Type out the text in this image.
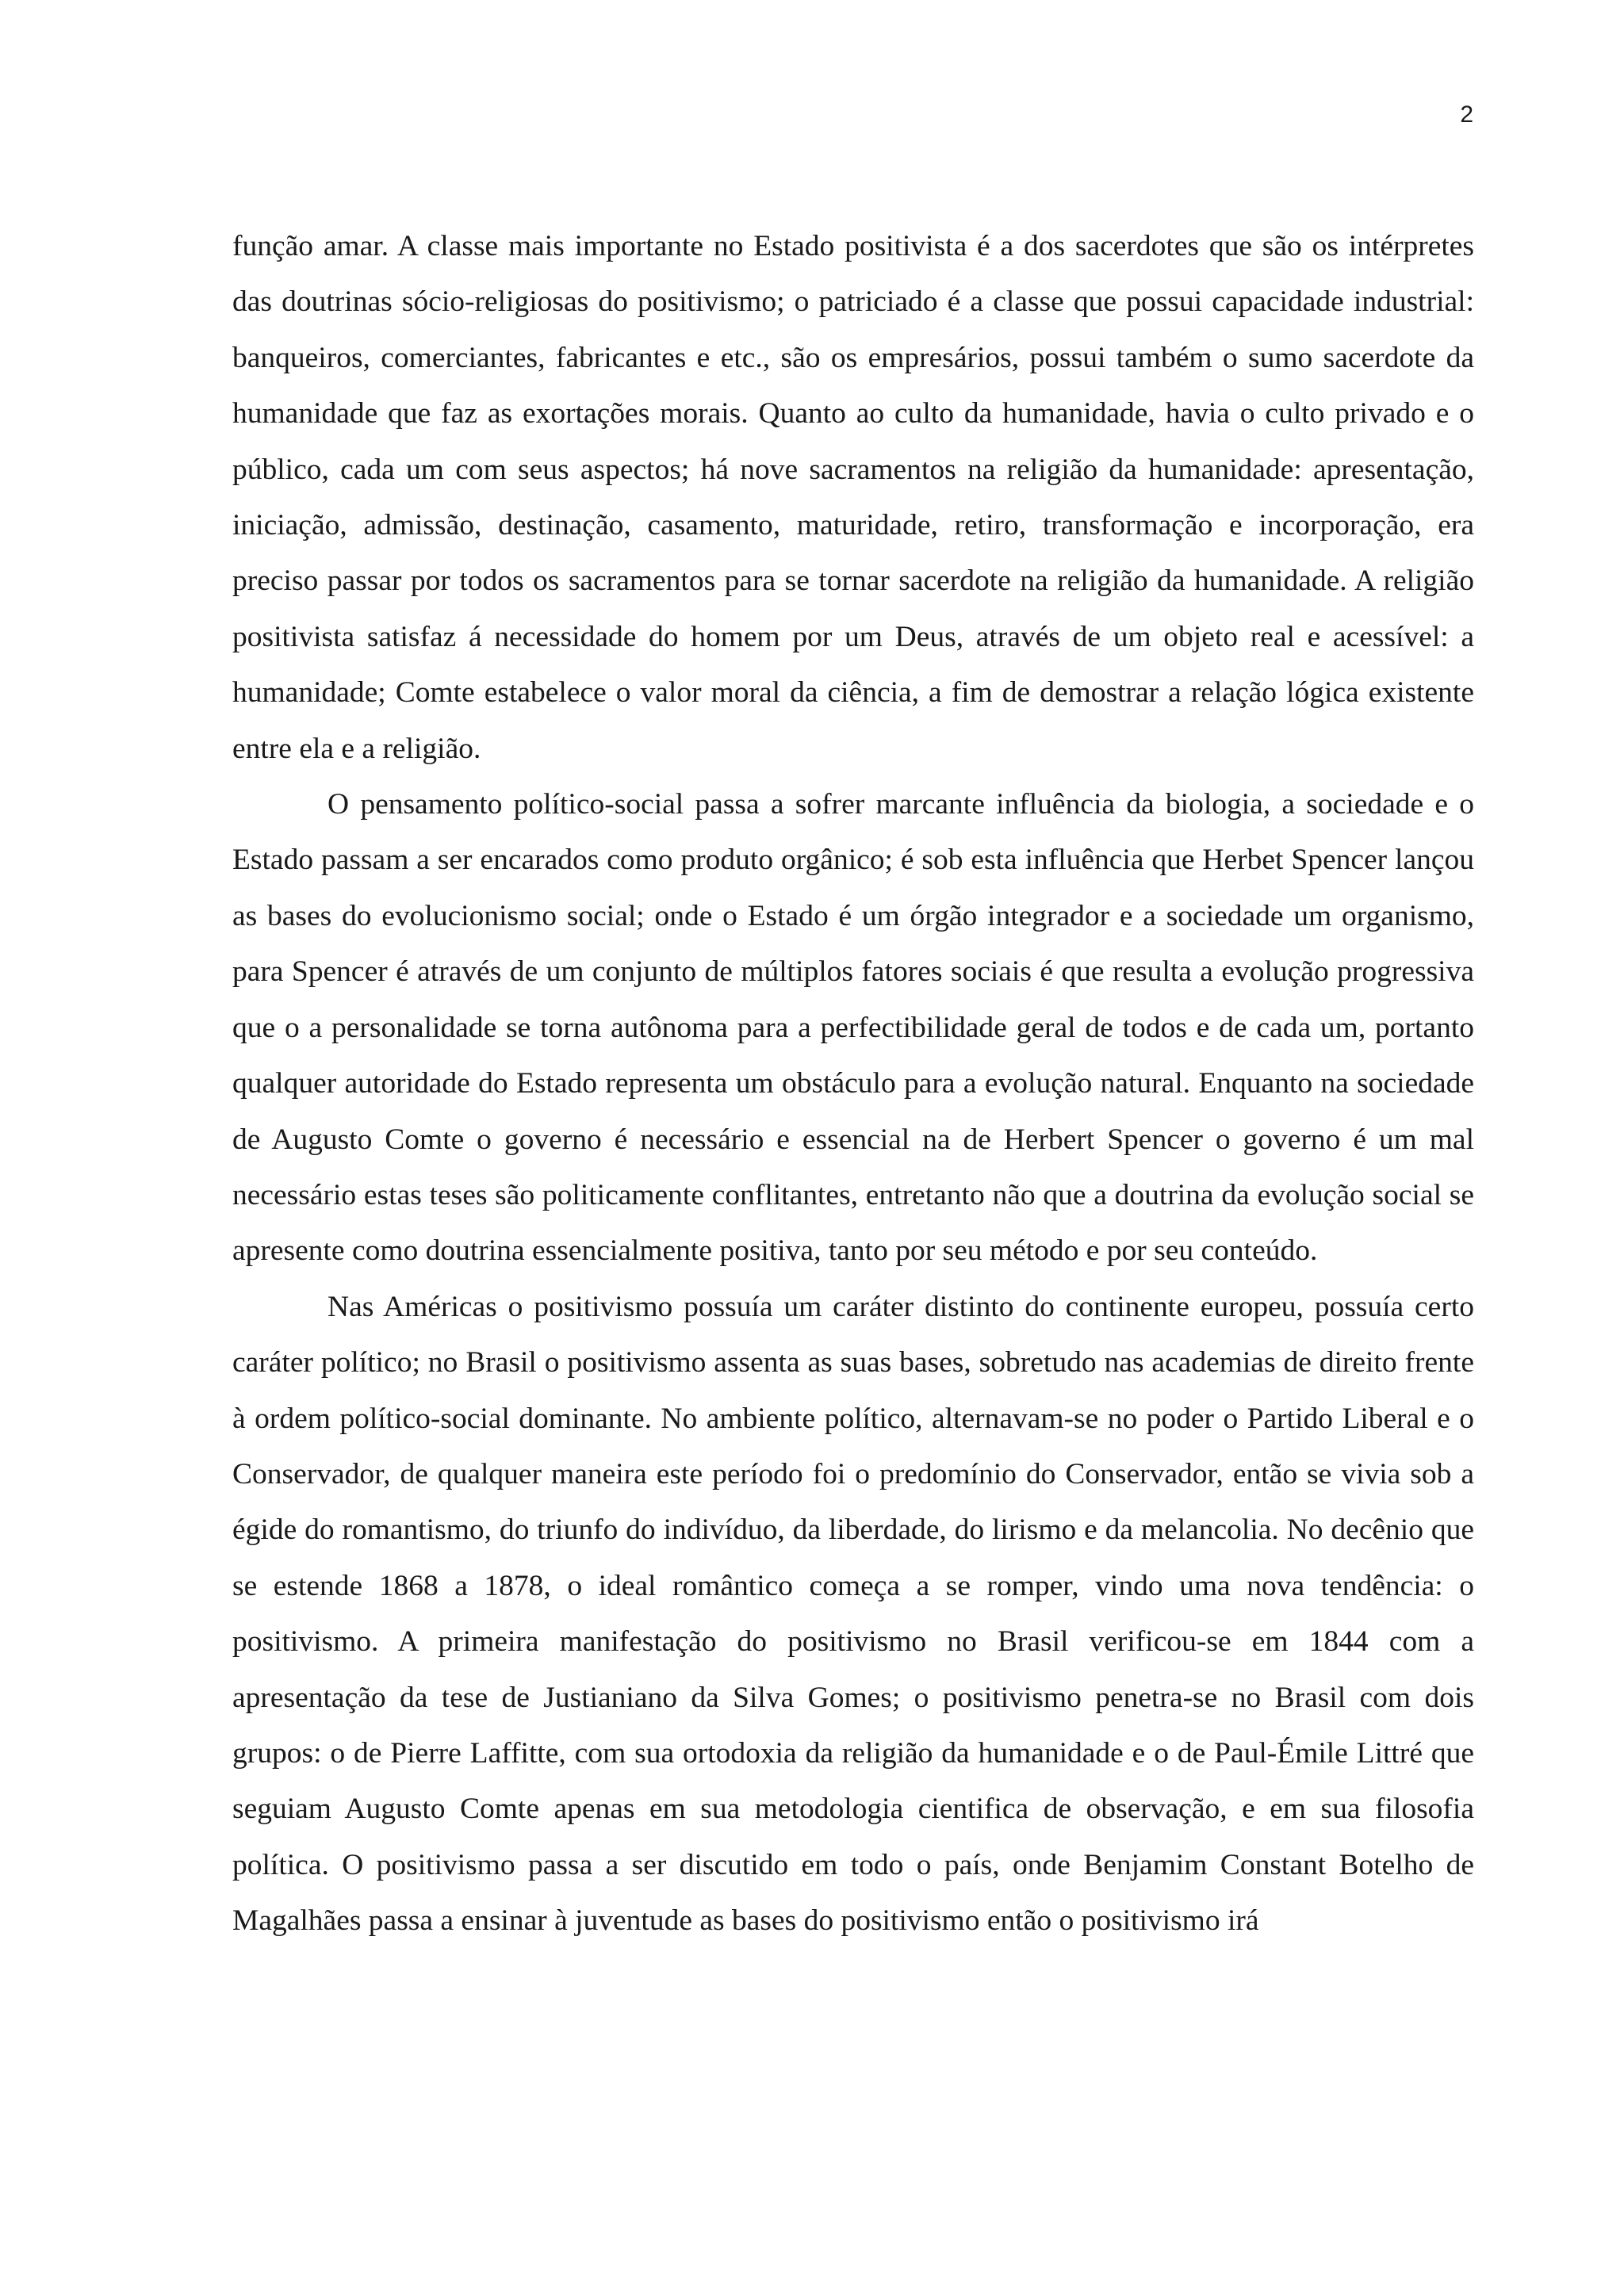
2

função amar. A classe mais importante no Estado positivista é a dos sacerdotes que são os intérpretes das doutrinas sócio-religiosas do positivismo; o patriciado é a classe que possui capacidade industrial: banqueiros, comerciantes, fabricantes e etc., são os empresários, possui também o sumo sacerdote da humanidade que faz as exortações morais. Quanto ao culto da humanidade, havia o culto privado e o público, cada um com seus aspectos; há nove sacramentos na religião da humanidade: apresentação, iniciação, admissão, destinação, casamento, maturidade, retiro, transformação e incorporação, era preciso passar por todos os sacramentos para se tornar sacerdote na religião da humanidade. A religião positivista satisfaz á necessidade do homem por um Deus, através de um objeto real e acessível: a humanidade; Comte estabelece o valor moral da ciência, a fim de demostrar a relação lógica existente entre ela e a religião.

O pensamento político-social passa a sofrer marcante influência da biologia, a sociedade e o Estado passam a ser encarados como produto orgânico; é sob esta influência que Herbet Spencer lançou as bases do evolucionismo social; onde o Estado é um órgão integrador e a sociedade um organismo, para Spencer é através de um conjunto de múltiplos fatores sociais é que resulta a evolução progressiva que o a personalidade se torna autônoma para a perfectibilidade geral de todos e de cada um, portanto qualquer autoridade do Estado representa um obstáculo para a evolução natural. Enquanto na sociedade de Augusto Comte o governo é necessário e essencial na de Herbert Spencer o governo é um mal necessário estas teses são politicamente conflitantes, entretanto não que a doutrina da evolução social se apresente como doutrina essencialmente positiva, tanto por seu método e por seu conteúdo.

Nas Américas o positivismo possuía um caráter distinto do continente europeu, possuía certo caráter político; no Brasil o positivismo assenta as suas bases, sobretudo nas academias de direito frente à ordem político-social dominante. No ambiente político, alternavam-se no poder o Partido Liberal e o Conservador, de qualquer maneira este período foi o predomínio do Conservador, então se vivia sob a égide do romantismo, do triunfo do indivíduo, da liberdade, do lirismo e da melancolia. No decênio que se estende 1868 a 1878, o ideal romântico começa a se romper, vindo uma nova tendência: o positivismo. A primeira manifestação do positivismo no Brasil verificou-se em 1844 com a apresentação da tese de Justianiano da Silva Gomes; o positivismo penetra-se no Brasil com dois grupos: o de Pierre Laffitte, com sua ortodoxia da religião da humanidade e o de Paul-Émile Littré que seguiam Augusto Comte apenas em sua metodologia cientifica de observação, e em sua filosofia política. O positivismo passa a ser discutido em todo o país, onde Benjamim Constant Botelho de Magalhães passa a ensinar à juventude as bases do positivismo então o positivismo irá
